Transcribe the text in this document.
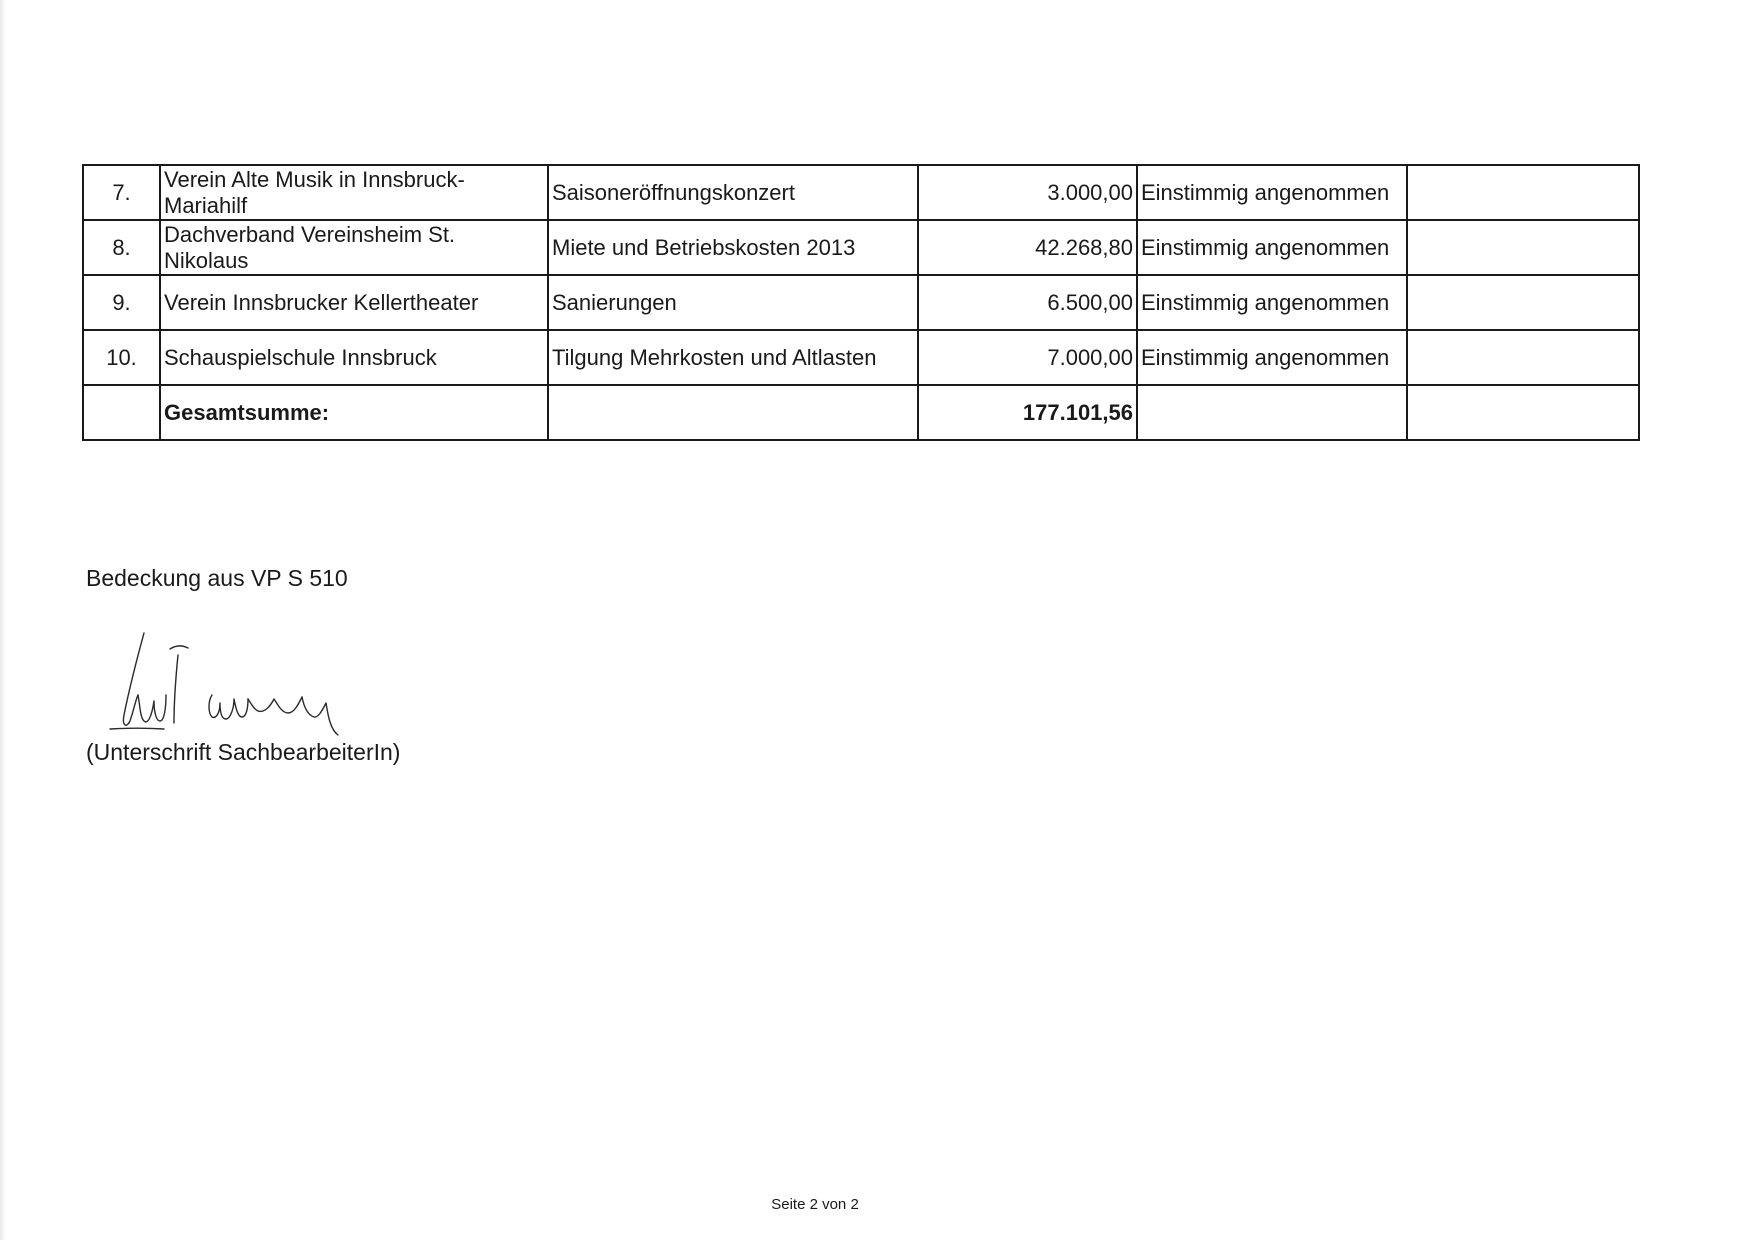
7.	Verein Alte Musik in Innsbruck-Mariahilf	Saisoneröffnungskonzert	3.000,00	Einstimmig angenommen	
8.	Dachverband Vereinsheim St. Nikolaus	Miete und Betriebskosten 2013	42.268,80	Einstimmig angenommen	
9.	Verein Innsbrucker Kellertheater	Sanierungen	6.500,00	Einstimmig angenommen	
10.	Schauspielschule Innsbruck	Tilgung Mehrkosten und Altlasten	7.000,00	Einstimmig angenommen	
	Gesamtsumme:		177.101,56		
Bedeckung aus VP S 510
(Unterschrift SachbearbeiterIn)
Seite 2 von 2
